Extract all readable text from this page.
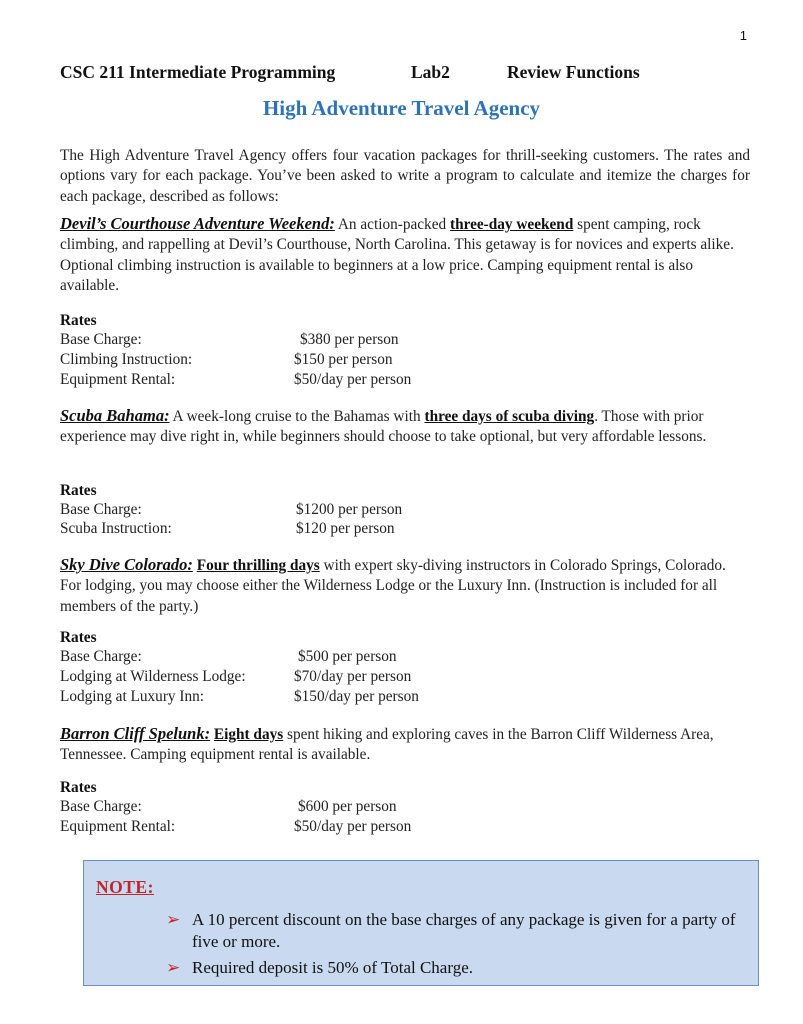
1
CSC 211 Intermediate Programming	Lab2	Review Functions
High Adventure Travel Agency
The High Adventure Travel Agency offers four vacation packages for thrill-seeking customers. The rates and options vary for each package. You’ve been asked to write a program to calculate and itemize the charges for each package, described as follows:
Devil’s Courthouse Adventure Weekend: An action-packed three-day weekend spent camping, rock climbing, and rappelling at Devil’s Courthouse, North Carolina. This getaway is for novices and experts alike. Optional climbing instruction is available to beginners at a low price. Camping equipment rental is also available.
Rates
Base Charge:	$380 per person
Climbing Instruction:	$150 per person
Equipment Rental:	$50/day per person
Scuba Bahama: A week-long cruise to the Bahamas with three days of scuba diving. Those with prior experience may dive right in, while beginners should choose to take optional, but very affordable lessons.
Rates
Base Charge:	$1200 per person
Scuba Instruction:	$120 per person
Sky Dive Colorado: Four thrilling days with expert sky-diving instructors in Colorado Springs, Colorado. For lodging, you may choose either the Wilderness Lodge or the Luxury Inn. (Instruction is included for all members of the party.)
Rates
Base Charge:	$500 per person
Lodging at Wilderness Lodge:	$70/day per person
Lodging at Luxury Inn:	$150/day per person
Barron Cliff Spelunk: Eight days spent hiking and exploring caves in the Barron Cliff Wilderness Area, Tennessee. Camping equipment rental is available.
Rates
Base Charge:	$600 per person
Equipment Rental:	$50/day per person
NOTE:
➢ A 10 percent discount on the base charges of any package is given for a party of five or more.
➢ Required deposit is 50% of Total Charge.
